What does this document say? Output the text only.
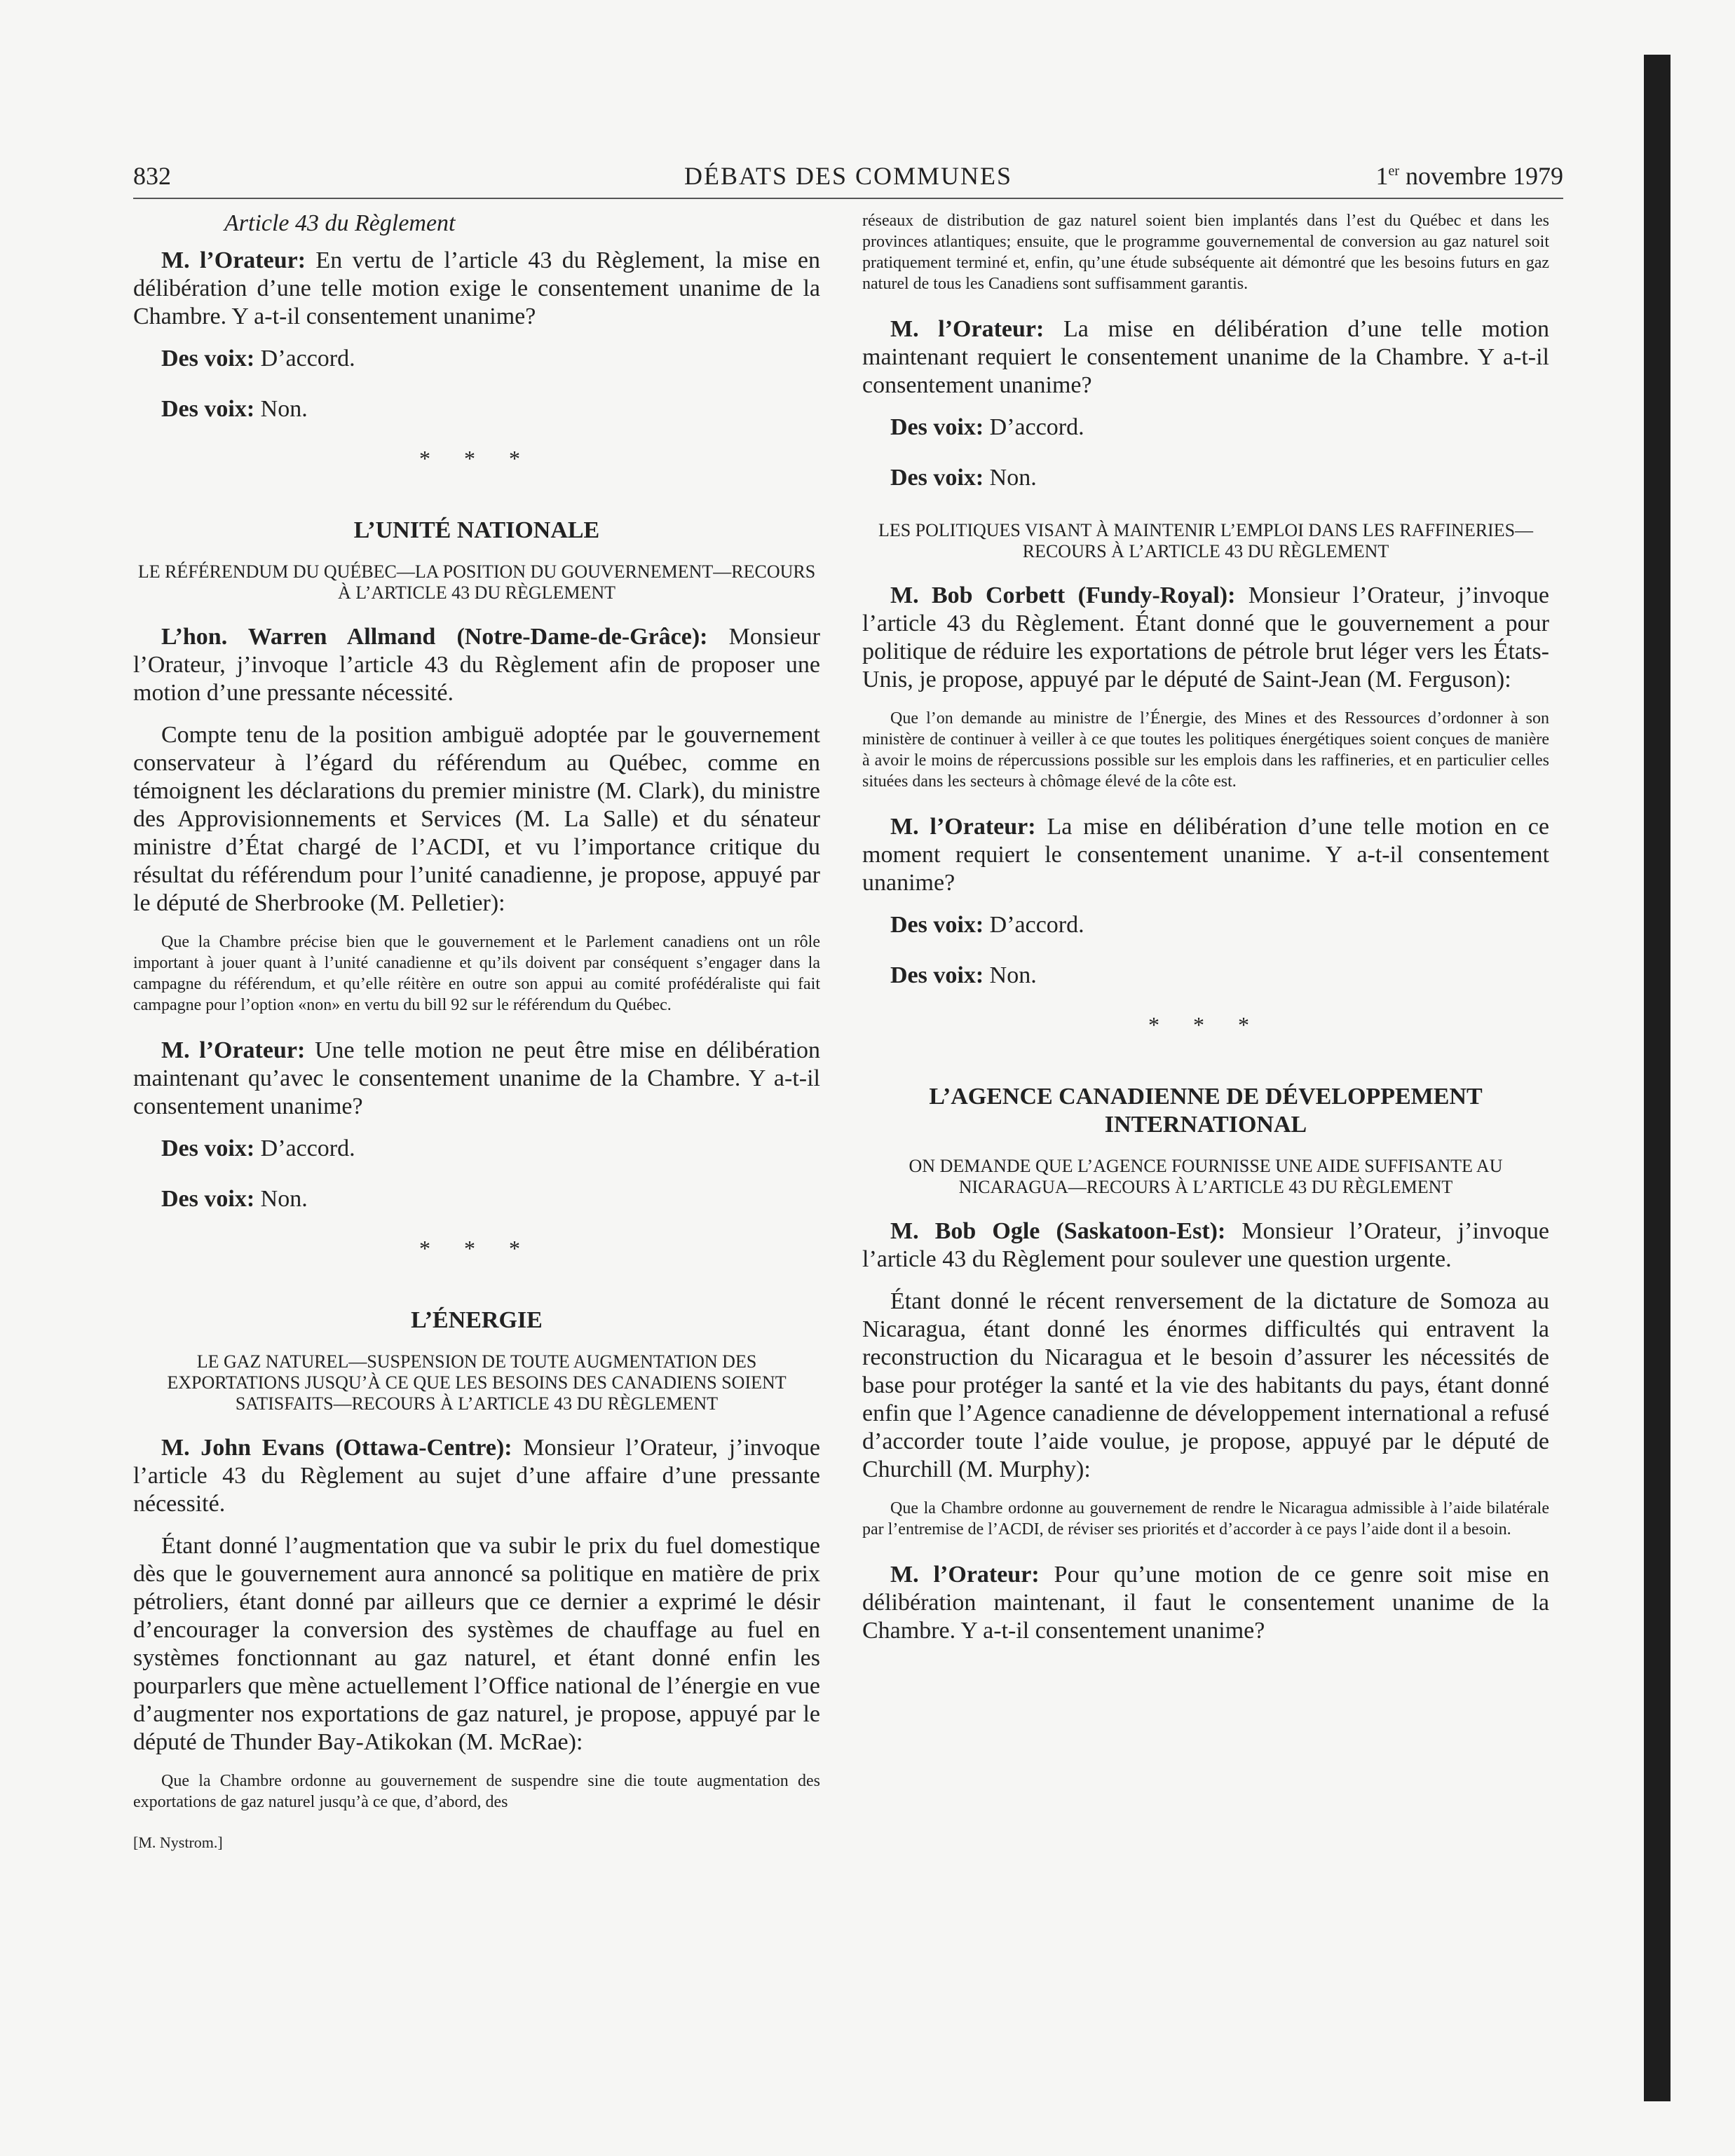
832	DÉBATS DES COMMUNES	1er novembre 1979
Article 43 du Règlement

M. l’Orateur: En vertu de l’article 43 du Règlement, la mise en délibération d’une telle motion exige le consentement unanime de la Chambre. Y a-t-il consentement unanime?

Des voix: D’accord.
Des voix: Non.
* * *
L’UNITÉ NATIONALE
LE RÉFÉRENDUM DU QUÉBEC—LA POSITION DU GOUVERNEMENT—RECOURS À L’ARTICLE 43 DU RÈGLEMENT

L’hon. Warren Allmand (Notre-Dame-de-Grâce): Monsieur l’Orateur, j’invoque l’article 43 du Règlement afin de proposer une motion d’une pressante nécessité.

Compte tenu de la position ambiguë adoptée par le gouvernement conservateur à l’égard du référendum au Québec, comme en témoignent les déclarations du premier ministre (M. Clark), du ministre des Approvisionnements et Services (M. La Salle) et du sénateur ministre d’État chargé de l’ACDI, et vu l’importance critique du résultat du référendum pour l’unité canadienne, je propose, appuyé par le député de Sherbrooke (M. Pelletier):

Que la Chambre précise bien que le gouvernement et le Parlement canadiens ont un rôle important à jouer quant à l’unité canadienne et qu’ils doivent par conséquent s’engager dans la campagne du référendum, et qu’elle réitère en outre son appui au comité profédéraliste qui fait campagne pour l’option «non» en vertu du bill 92 sur le référendum du Québec.

M. l’Orateur: Une telle motion ne peut être mise en délibération maintenant qu’avec le consentement unanime de la Chambre. Y a-t-il consentement unanime?

Des voix: D’accord.
Des voix: Non.
* * *
L’ÉNERGIE
LE GAZ NATUREL—SUSPENSION DE TOUTE AUGMENTATION DES EXPORTATIONS JUSQU’À CE QUE LES BESOINS DES CANADIENS SOIENT SATISFAITS—RECOURS À L’ARTICLE 43 DU RÈGLEMENT

M. John Evans (Ottawa-Centre): Monsieur l’Orateur, j’invoque l’article 43 du Règlement au sujet d’une affaire d’une pressante nécessité.

Étant donné l’augmentation que va subir le prix du fuel domestique dès que le gouvernement aura annoncé sa politique en matière de prix pétroliers, étant donné par ailleurs que ce dernier a exprimé le désir d’encourager la conversion des systèmes de chauffage au fuel en systèmes fonctionnant au gaz naturel, et étant donné enfin les pourparlers que mène actuellement l’Office national de l’énergie en vue d’augmenter nos exportations de gaz naturel, je propose, appuyé par le député de Thunder Bay-Atikokan (M. McRae):

Que la Chambre ordonne au gouvernement de suspendre sine die toute augmentation des exportations de gaz naturel jusqu’à ce que, d’abord, des

[M. Nystrom.]

réseaux de distribution de gaz naturel soient bien implantés dans l’est du Québec et dans les provinces atlantiques; ensuite, que le programme gouvernemental de conversion au gaz naturel soit pratiquement terminé et, enfin, qu’une étude subséquente ait démontré que les besoins futurs en gaz naturel de tous les Canadiens sont suffisamment garantis.

M. l’Orateur: La mise en délibération d’une telle motion maintenant requiert le consentement unanime de la Chambre. Y a-t-il consentement unanime?

Des voix: D’accord.
Des voix: Non.
LES POLITIQUES VISANT À MAINTENIR L’EMPLOI DANS LES RAFFINERIES—RECOURS À L’ARTICLE 43 DU RÈGLEMENT

M. Bob Corbett (Fundy-Royal): Monsieur l’Orateur, j’invoque l’article 43 du Règlement. Étant donné que le gouvernement a pour politique de réduire les exportations de pétrole brut léger vers les États-Unis, je propose, appuyé par le député de Saint-Jean (M. Ferguson):

Que l’on demande au ministre de l’Énergie, des Mines et des Ressources d’ordonner à son ministère de continuer à veiller à ce que toutes les politiques énergétiques soient conçues de manière à avoir le moins de répercussions possible sur les emplois dans les raffineries, et en particulier celles situées dans les secteurs à chômage élevé de la côte est.

M. l’Orateur: La mise en délibération d’une telle motion en ce moment requiert le consentement unanime. Y a-t-il consentement unanime?

Des voix: D’accord.
Des voix: Non.
* * *
L’AGENCE CANADIENNE DE DÉVELOPPEMENT INTERNATIONAL
ON DEMANDE QUE L’AGENCE FOURNISSE UNE AIDE SUFFISANTE AU NICARAGUA—RECOURS À L’ARTICLE 43 DU RÈGLEMENT

M. Bob Ogle (Saskatoon-Est): Monsieur l’Orateur, j’invoque l’article 43 du Règlement pour soulever une question urgente.

Étant donné le récent renversement de la dictature de Somoza au Nicaragua, étant donné les énormes difficultés qui entravent la reconstruction du Nicaragua et le besoin d’assurer les nécessités de base pour protéger la santé et la vie des habitants du pays, étant donné enfin que l’Agence canadienne de développement international a refusé d’accorder toute l’aide voulue, je propose, appuyé par le député de Churchill (M. Murphy):

Que la Chambre ordonne au gouvernement de rendre le Nicaragua admissible à l’aide bilatérale par l’entremise de l’ACDI, de réviser ses priorités et d’accorder à ce pays l’aide dont il a besoin.

M. l’Orateur: Pour qu’une motion de ce genre soit mise en délibération maintenant, il faut le consentement unanime de la Chambre. Y a-t-il consentement unanime?
